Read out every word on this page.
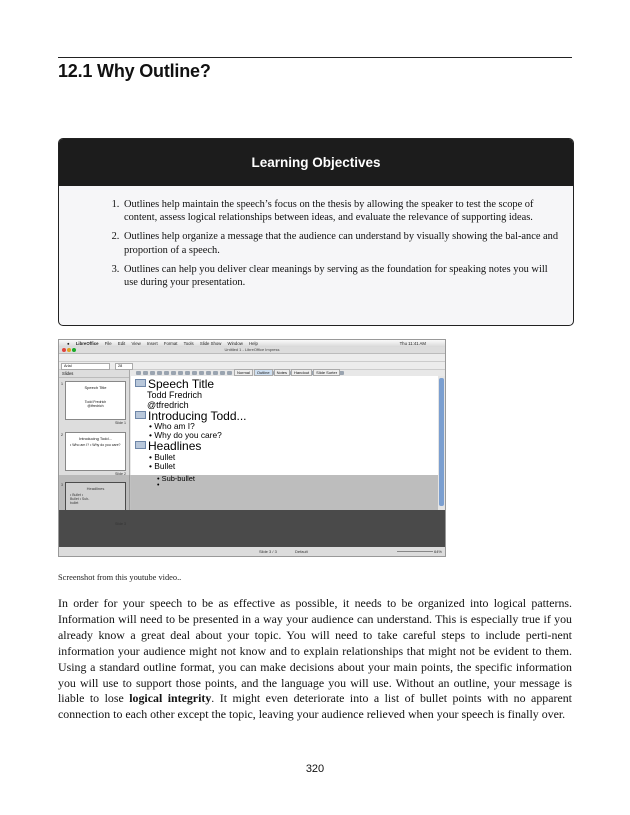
12.1 Why Outline?
Learning Objectives
1. Outlines help maintain the speech’s focus on the thesis by allowing the speaker to test the scope of content, assess logical relationships between ideas, and evaluate the relevance of supporting ideas.
2. Outlines help organize a message that the audience can understand by visually showing the bal-ance and proportion of a speech.
3. Outlines can help you deliver clear meanings by serving as the foundation for speaking notes you will use during your presentation.
● LibreOffice File Edit View Insert Format Tools Slide Show Window Help	Thu 11:41 AM
Untitled 1 - LibreOffice Impress
Arial	28
Slides
1
Speech Title
Todd Fredrich @tfredrich
Slide 1
2
Introducing Todd...
• Who am I? • Why do you care?
Slide 2
3
Headlines
• Bullet • Bullet • Sub-bullet
Slide 3
Normal Outline Notes Handout Slide Sorter
Speech Title
Todd Fredrich
@tfredrich
Introducing Todd...
• Who am I?
• Why do you care?
Headlines
• Bullet
• Bullet
• Sub-bullet
•
Slide 3 / 3	Default	64%
Screenshot from this youtube video..

In order for your speech to be as effective as possible, it needs to be organized into logical patterns. Information will need to be presented in a way your audience can understand. This is especially true if you already know a great deal about your topic. You will need to take careful steps to include perti-nent information your audience might not know and to explain relationships that might not be evident to them. Using a standard outline format, you can make decisions about your main points, the specific information you will use to support those points, and the language you will use. Without an outline, your message is liable to lose logical integrity. It might even deteriorate into a list of bullet points with no apparent connection to each other except the topic, leaving your audience relieved when your speech is finally over.

320
